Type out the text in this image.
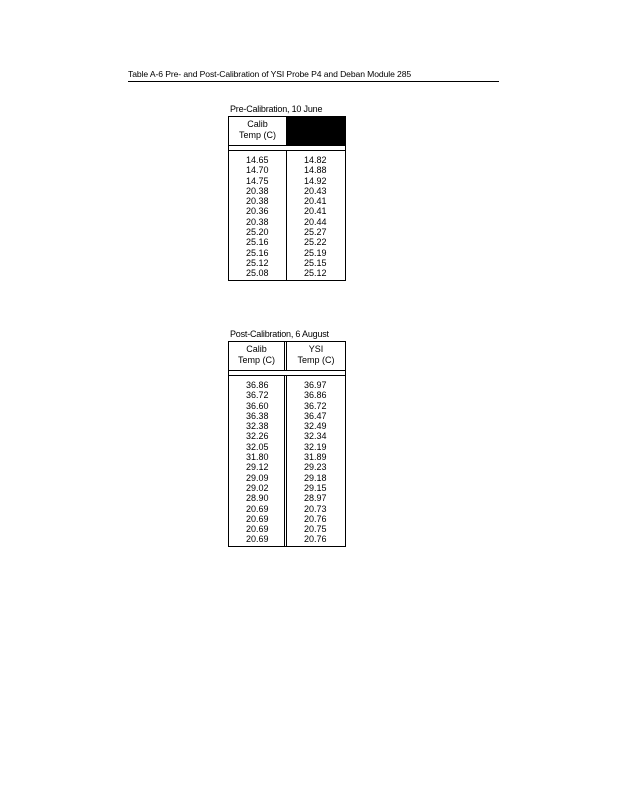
Table A-6 Pre- and Post-Calibration of YSI Probe P4 and Deban Module 285
Pre-Calibration, 10 June
Calib
Temp (C)
14.65
14.70
14.75
20.38
20.38
20.36
20.38
25.20
25.16
25.16
25.12
25.08
14.82
14.88
14.92
20.43
20.41
20.41
20.44
25.27
25.22
25.19
25.15
25.12
Post-Calibration, 6 August
Calib
Temp (C)
YSI
Temp (C)
36.86
36.72
36.60
36.38
32.38
32.26
32.05
31.80
29.12
29.09
29.02
28.90
20.69
20.69
20.69
20.69
36.97
36.86
36.72
36.47
32.49
32.34
32.19
31.89
29.23
29.18
29.15
28.97
20.73
20.76
20.75
20.76
